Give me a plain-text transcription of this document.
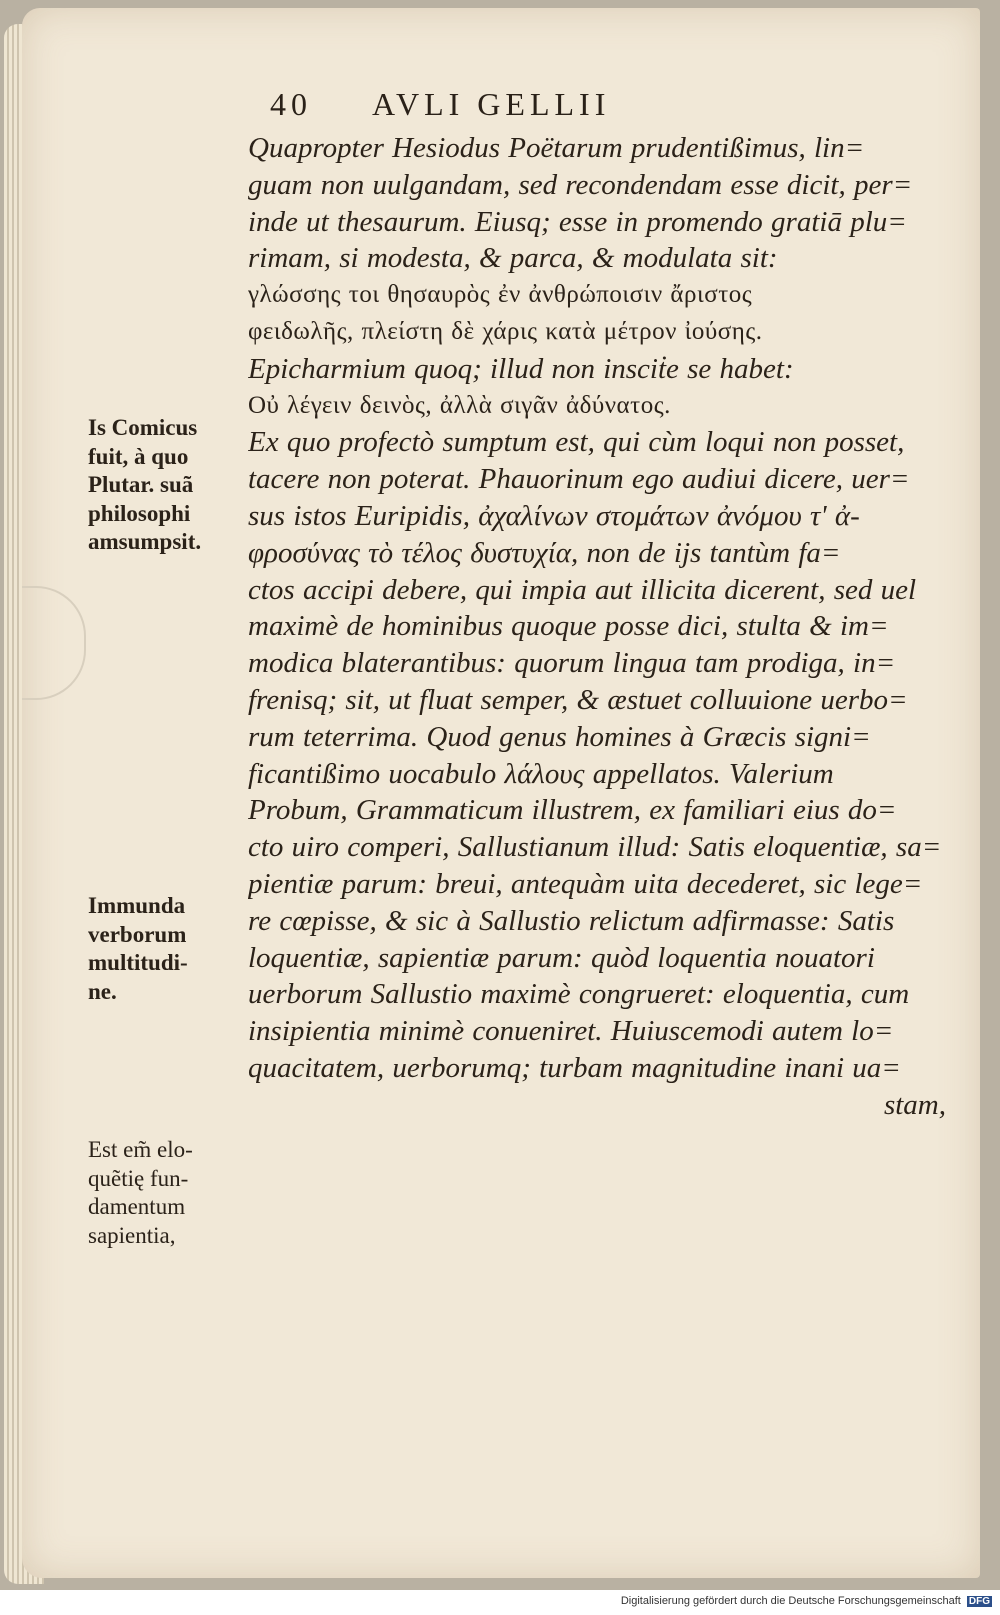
40 AVLI GELLII
Quapropter Hesiodus Poëtarum prudentißimus, lin=
guam non uulgandam, sed recondendam esse dicit, per=
inde ut thesaurum. Eiusq; esse in promendo gratiā plu=
rimam, si modesta, & parca, & modulata sit:
γλώσσης τοι θησαυρὸς ἐν ἀνθρώποισιν ἄριστος
φειδωλῆς, πλείστη δὲ χάρις κατὰ μέτρον ἰούσης.
Epicharmium quoq; illud non insciṫe se habet:
Οὐ λέγειν δεινὸς, ἀλλὰ σιγᾶν ἀδύνατος.
Ex quo profectò sumptum est, qui cùm loqui non posset,
tacere non poterat. Phauorinum ego audiui dicere, uer=
sus istos Euripidis, ἀχαλίνων στομάτων ἀνόμου τ' ἀ-
φροσύνας τὸ τέλος δυστυχία, non de ijs tantùm fa=
ctos accipi debere, qui impia aut illicita dicerent, sed uel
maximè de hominibus quoque posse dici, stulta & im=
modica blaterantibus: quorum lingua tam prodiga, in=
frenisq; sit, ut fluat semper, & æstuet colluuione uerbo=
rum teterrima. Quod genus homines à Græcis signi=
ficantißimo uocabulo λάλους appellatos. Valerium
Probum, Grammaticum illustrem, ex familiari eius do=
cto uiro comperi, Sallustianum illud: Satis eloquentiæ, sa=
pientiæ parum: breui, antequàm uita decederet, sic lege=
re cœpisse, & sic à Sallustio relictum adfirmasse: Satis
loquentiæ, sapientiæ parum: quòd loquentia nouatori
uerborum Sallustio maximè congrueret: eloquentia, cum
insipientia minimè conueniret. Huiuscemodi autem lo=
quacitatem, uerborumq; turbam magnitudine inani ua=
stam,
Is Comicus
fuit, à quo
Plutar. suã
philosophi
amsumpsit.
Immunda
verborum
multitudi-
ne.
Est em̃ elo-
quẽtię fun-
damentum
sapientia,
Digitalisierung gefördert durch die Deutsche Forschungsgemeinschaft DFG
